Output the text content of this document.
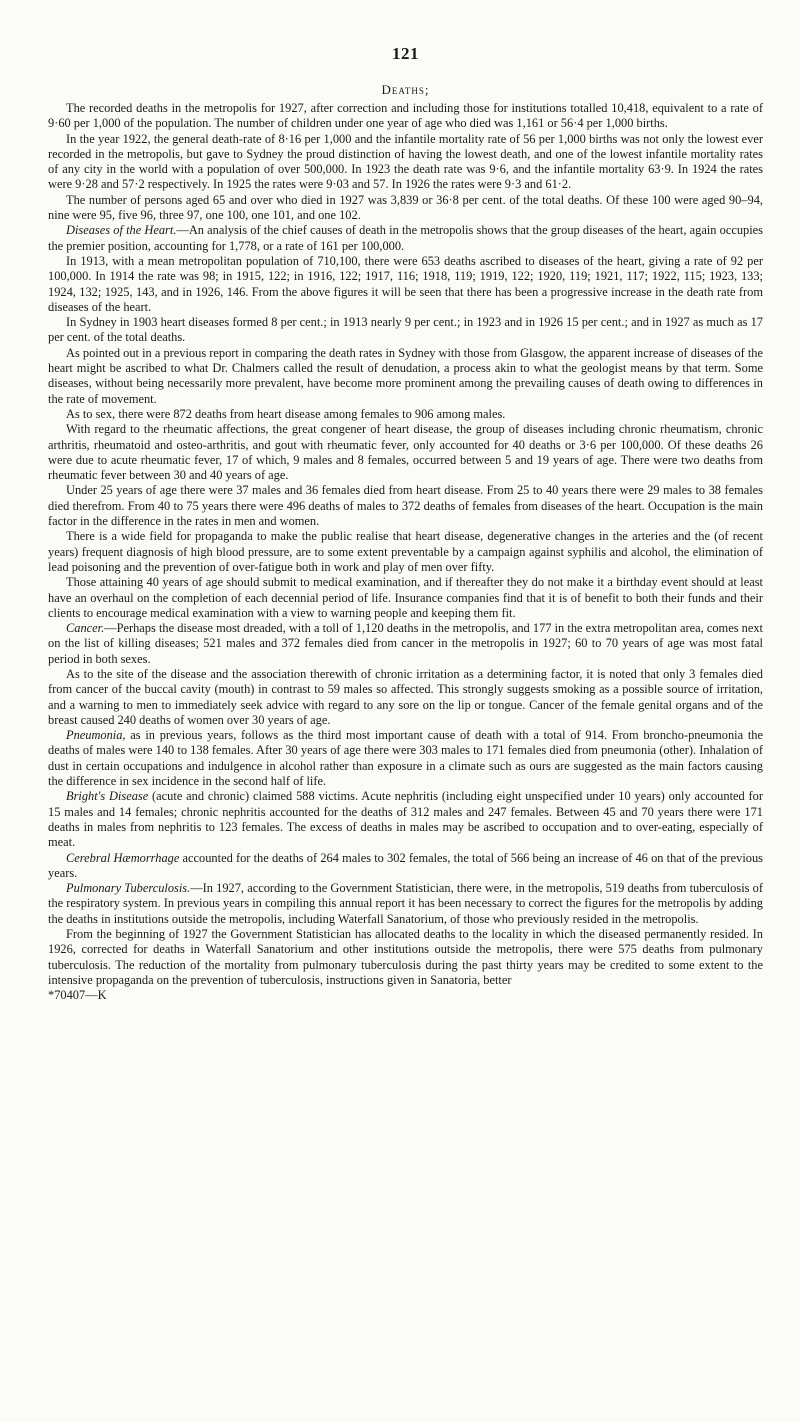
121
Deaths;

The recorded deaths in the metropolis for 1927, after correction and including those for institutions totalled 10,418, equivalent to a rate of 9·60 per 1,000 of the population. The number of children under one year of age who died was 1,161 or 56·4 per 1,000 births.

In the year 1922, the general death-rate of 8·16 per 1,000 and the infantile mortality rate of 56 per 1,000 births was not only the lowest ever recorded in the metropolis, but gave to Sydney the proud distinction of having the lowest death, and one of the lowest infantile mortality rates of any city in the world with a population of over 500,000. In 1923 the death rate was 9·6, and the infantile mortality 63·9. In 1924 the rates were 9·28 and 57·2 respectively. In 1925 the rates were 9·03 and 57. In 1926 the rates were 9·3 and 61·2.

The number of persons aged 65 and over who died in 1927 was 3,839 or 36·8 per cent. of the total deaths. Of these 100 were aged 90–94, nine were 95, five 96, three 97, one 100, one 101, and one 102.

Diseases of the Heart.—An analysis of the chief causes of death in the metropolis shows that the group diseases of the heart, again occupies the premier position, accounting for 1,778, or a rate of 161 per 100,000.

In 1913, with a mean metropolitan population of 710,100, there were 653 deaths ascribed to diseases of the heart, giving a rate of 92 per 100,000. In 1914 the rate was 98; in 1915, 122; in 1916, 122; 1917, 116; 1918, 119; 1919, 122; 1920, 119; 1921, 117; 1922, 115; 1923, 133; 1924, 132; 1925, 143, and in 1926, 146. From the above figures it will be seen that there has been a progressive increase in the death rate from diseases of the heart.

In Sydney in 1903 heart diseases formed 8 per cent.; in 1913 nearly 9 per cent.; in 1923 and in 1926 15 per cent.; and in 1927 as much as 17 per cent. of the total deaths.

As pointed out in a previous report in comparing the death rates in Sydney with those from Glasgow, the apparent increase of diseases of the heart might be ascribed to what Dr. Chalmers called the result of denudation, a process akin to what the geologist means by that term. Some diseases, without being necessarily more prevalent, have become more prominent among the prevailing causes of death owing to differences in the rate of movement.

As to sex, there were 872 deaths from heart disease among females to 906 among males.

With regard to the rheumatic affections, the great congener of heart disease, the group of diseases including chronic rheumatism, chronic arthritis, rheumatoid and osteo-arthritis, and gout with rheumatic fever, only accounted for 40 deaths or 3·6 per 100,000. Of these deaths 26 were due to acute rheumatic fever, 17 of which, 9 males and 8 females, occurred between 5 and 19 years of age. There were two deaths from rheumatic fever between 30 and 40 years of age.

Under 25 years of age there were 37 males and 36 females died from heart disease. From 25 to 40 years there were 29 males to 38 females died therefrom. From 40 to 75 years there were 496 deaths of males to 372 deaths of females from diseases of the heart. Occupation is the main factor in the difference in the rates in men and women.

There is a wide field for propaganda to make the public realise that heart disease, degenerative changes in the arteries and the (of recent years) frequent diagnosis of high blood pressure, are to some extent preventable by a campaign against syphilis and alcohol, the elimination of lead poisoning and the prevention of over-fatigue both in work and play of men over fifty.

Those attaining 40 years of age should submit to medical examination, and if thereafter they do not make it a birthday event should at least have an overhaul on the completion of each decennial period of life. Insurance companies find that it is of benefit to both their funds and their clients to encourage medical examination with a view to warning people and keeping them fit.

Cancer.—Perhaps the disease most dreaded, with a toll of 1,120 deaths in the metropolis, and 177 in the extra metropolitan area, comes next on the list of killing diseases; 521 males and 372 females died from cancer in the metropolis in 1927; 60 to 70 years of age was most fatal period in both sexes.

As to the site of the disease and the association therewith of chronic irritation as a determining factor, it is noted that only 3 females died from cancer of the buccal cavity (mouth) in contrast to 59 males so affected. This strongly suggests smoking as a possible source of irritation, and a warning to men to immediately seek advice with regard to any sore on the lip or tongue. Cancer of the female genital organs and of the breast caused 240 deaths of women over 30 years of age.

Pneumonia, as in previous years, follows as the third most important cause of death with a total of 914. From broncho-pneumonia the deaths of males were 140 to 138 females. After 30 years of age there were 303 males to 171 females died from pneumonia (other). Inhalation of dust in certain occupations and indulgence in alcohol rather than exposure in a climate such as ours are suggested as the main factors causing the difference in sex incidence in the second half of life.

Bright's Disease (acute and chronic) claimed 588 victims. Acute nephritis (including eight unspecified under 10 years) only accounted for 15 males and 14 females; chronic nephritis accounted for the deaths of 312 males and 247 females. Between 45 and 70 years there were 171 deaths in males from nephritis to 123 females. The excess of deaths in males may be ascribed to occupation and to over-eating, especially of meat.

Cerebral Hæmorrhage accounted for the deaths of 264 males to 302 females, the total of 566 being an increase of 46 on that of the previous years.

Pulmonary Tuberculosis.—In 1927, according to the Government Statistician, there were, in the metropolis, 519 deaths from tuberculosis of the respiratory system. In previous years in compiling this annual report it has been necessary to correct the figures for the metropolis by adding the deaths in institutions outside the metropolis, including Waterfall Sanatorium, of those who previously resided in the metropolis.

From the beginning of 1927 the Government Statistician has allocated deaths to the locality in which the diseased permanently resided. In 1926, corrected for deaths in Waterfall Sanatorium and other institutions outside the metropolis, there were 575 deaths from pulmonary tuberculosis. The reduction of the mortality from pulmonary tuberculosis during the past thirty years may be credited to some extent to the intensive propaganda on the prevention of tuberculosis, instructions given in Sanatoria, better

*70407—K
